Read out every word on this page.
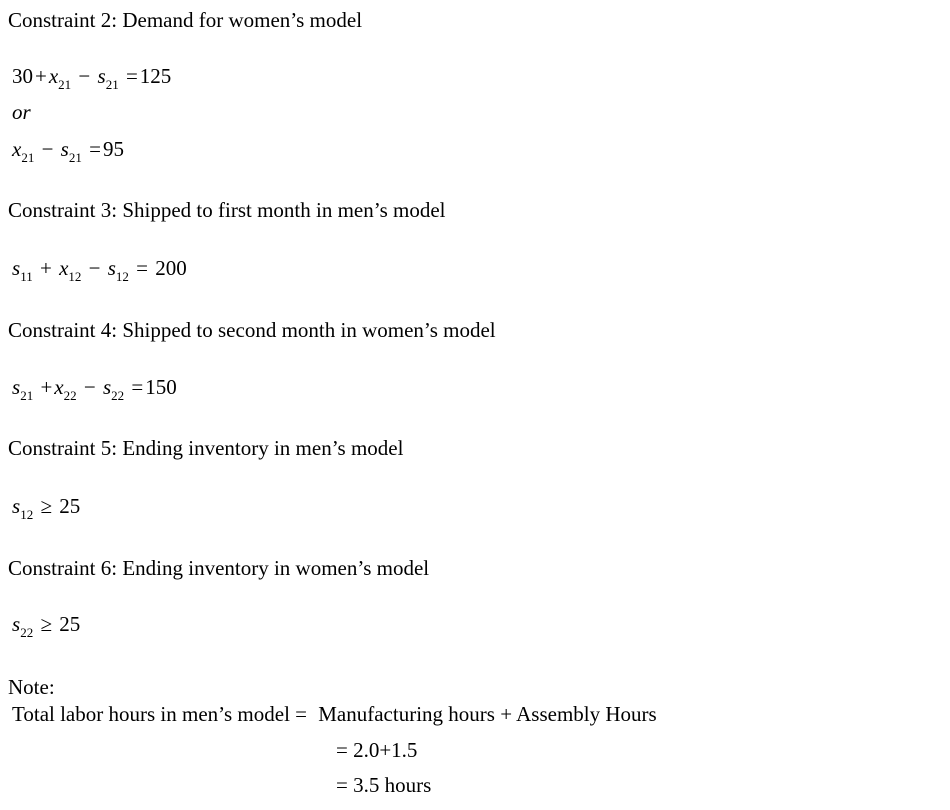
Constraint 2: Demand for women’s model
$30+x_{21} - s_{21} =125$
or
$x_{21} - s_{21} =95$
Constraint 3: Shipped to first month in men’s model
$s_{11} + x_{12} - s_{12} = 200$
Constraint 4: Shipped to second month in women’s model
$s_{21} +x_{22} - s_{22} =150$
Constraint 5: Ending inventory in men’s model
$s_{12} \ge 25$
Constraint 6: Ending inventory in women’s model
$s_{22} \ge 25$
Note:
Total labor hours in men’s model = Manufacturing hours + Assembly Hours
= 2.0+1.5
= 3.5 hours
